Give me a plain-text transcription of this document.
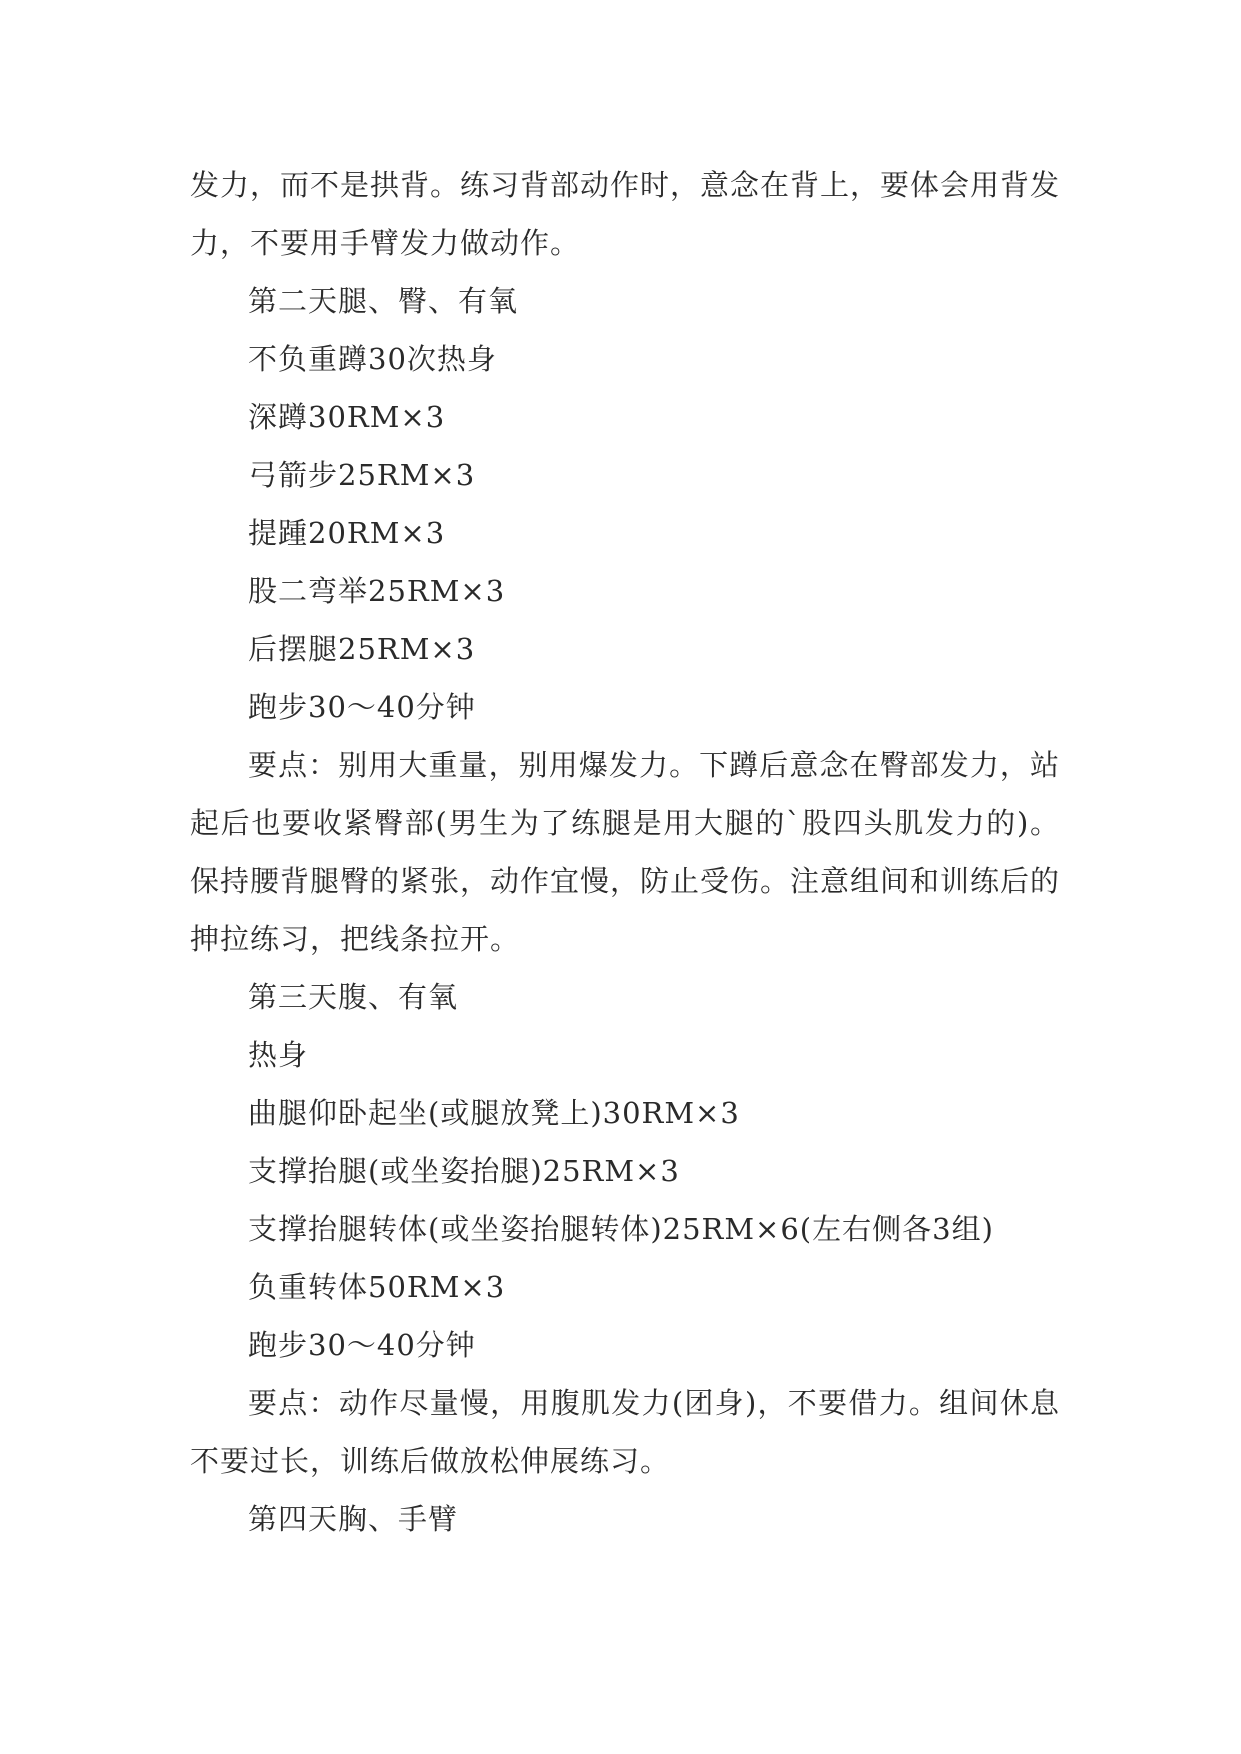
发力，而不是拱背。练习背部动作时，意念在背上，要体会用背发力，不要用手臂发力做动作。

第二天腿、臀、有氧

不负重蹲30次热身

深蹲30RM×3

弓箭步25RM×3

提踵20RM×3

股二弯举25RM×3

后摆腿25RM×3

跑步30～40分钟

要点：别用大重量，别用爆发力。下蹲后意念在臀部发力，站起后也要收紧臀部(男生为了练腿是用大腿的`股四头肌发力的)。保持腰背腿臀的紧张，动作宜慢，防止受伤。注意组间和训练后的抻拉练习，把线条拉开。

第三天腹、有氧

热身

曲腿仰卧起坐(或腿放凳上)30RM×3

支撑抬腿(或坐姿抬腿)25RM×3

支撑抬腿转体(或坐姿抬腿转体)25RM×6(左右侧各3组)

负重转体50RM×3

跑步30～40分钟

要点：动作尽量慢，用腹肌发力(团身)，不要借力。组间休息不要过长，训练后做放松伸展练习。

第四天胸、手臂
